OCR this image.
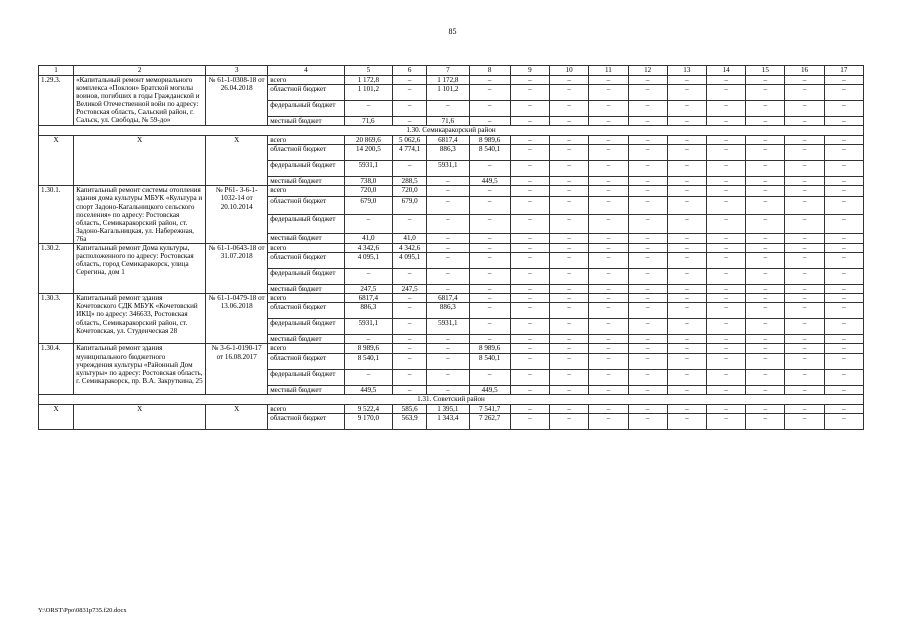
85
1	2	3	4	5	6	7	8	9	10	11	12	13	14	15	16	17
1.29.3.	«Капитальный ремонт мемориального комплекса «Поклон» Братской могилы воинов, погибших в годы Гражданской и Великой Отечественной войн по адресу: Ростовская область, Сальский район, г. Сальск, ул. Свободы, № 59-до»	№ 61-1-0308-18 от 26.04.2018	всего	1 172,8	–	1 172,8	–	–	–	–	–	–	–	–	–	–
			областной бюджет	1 101,2	–	1 101,2	–	–	–	–	–	–	–	–	–	–
			федеральный бюджет	–	–	–	–	–	–	–	–	–	–	–	–	–
			местный бюджет	71,6	–	71,6	–	–	–	–	–	–	–	–	–	–
1.30. Семикаракорский район																
X	X	X	всего	20 869,6	5 062,6	6817,4	8 989,6	–	–	–	–	–	–	–	–	–
			областной бюджет	14 200,5	4 774,1	886,3	8 540,1	–	–	–	–	–	–	–	–	–
			федеральный бюджет	5931,1	–	5931,1	–	–	–	–	–	–	–	–	–	–
			местный бюджет	738,0	288,5	–	449,5	–	–	–	–	–	–	–	–	–
1.30.1.	Капитальный ремонт системы отопления здания дома культуры МБУК «Культура и спорт Задоно-Кагальницкого сельского поселения» по адресу: Ростовская область, Семикаракорский район, ст. Задоно-Кагальницкая, ул. Набережная, 76а	№ Р61- 3-6-1-1032-14 от 20.10.2014	всего	720,0	720,0	–	–	–	–	–	–	–	–	–	–	–
			областной бюджет	679,0	679,0	–	–	–	–	–	–	–	–	–	–	–
			федеральный бюджет	–	–	–	–	–	–	–	–	–	–	–	–	–
			местный бюджет	41,0	41,0	–	–	–	–	–	–	–	–	–	–	–
1.30.2.	Капитальный ремонт Дома культуры, расположенного по адресу: Ростовская область, город Семикаракорск, улица Серегина, дом 1	№ 61-1-0643-18 от 31.07.2018	всего	4 342,6	4 342,6	–	–	–	–	–	–	–	–	–	–	–
			областной бюджет	4 095,1	4 095,1	–	–	–	–	–	–	–	–	–	–	–
			федеральный бюджет	–	–	–	–	–	–	–	–	–	–	–	–	–
			местный бюджет	247,5	247,5	–	–	–	–	–	–	–	–	–	–	–
1.30.3.	Капитальный ремонт здания Кочетовского СДК МБУК «Кочетовский ИКЦ» по адресу: 346633, Ростовская область, Семикаракорский район, ст. Кочетовская, ул. Студенческая 28	№ 61-1-0479-18 от 13.06.2018	всего	6817,4	–	6817,4	–	–	–	–	–	–	–	–	–	–
			областной бюджет	886,3	–	886,3	–	–	–	–	–	–	–	–	–	–
			федеральный бюджет	5931,1	–	5931,1	–	–	–	–	–	–	–	–	–	–
			местный бюджет	–	–	–	–	–	–	–	–	–	–	–	–	–
1.30.4.	Капитальный ремонт здания муниципального бюджетного учреждения культуры «Районный Дом культуры» по адресу: Ростовская область, г. Семикаракорск, пр. В.А. Закруткина, 25	№ 3-6-1-0190-17 от 16.08.2017	всего	8 989,6	–	–	8 989,6	–	–	–	–	–	–	–	–	–
			областной бюджет	8 540,1	–	–	8 540,1	–	–	–	–	–	–	–	–	–
			федеральный бюджет	–	–	–	–	–	–	–	–	–	–	–	–	–
			местный бюджет	449,5	–	–	449,5	–	–	–	–	–	–	–	–	–
1.31. Советский район																
X	X	X	всего	9 522,4	585,6	1 395,1	7 541,7	–	–	–	–	–	–	–	–	–
			областной бюджет	9 170,0	563,9	1 343,4	7 262,7	–	–	–	–	–	–	–	–	–
Y:\ORST\Ppo\0831p735.f20.docx
